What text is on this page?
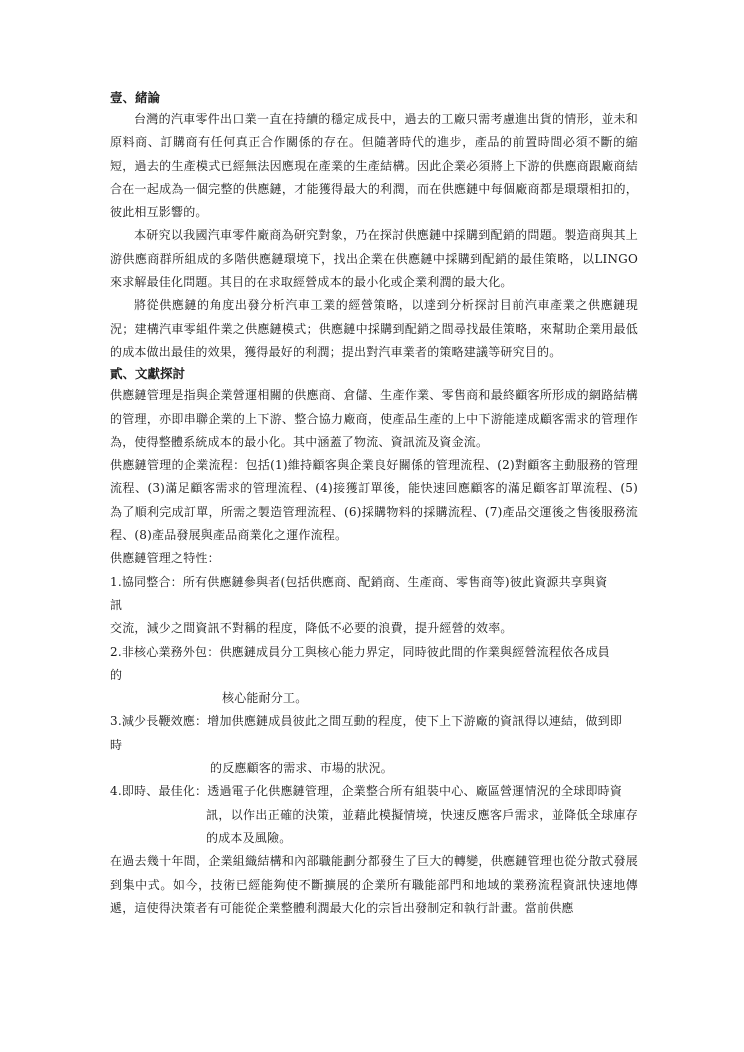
壹、緒論

台灣的汽車零件出口業一直在持續的穩定成長中，過去的工廠只需考慮進出貨的情形，並未和原料商、訂購商有任何真正合作關係的存在。但隨著時代的進步，產品的前置時間必須不斷的縮短，過去的生產模式已經無法因應現在產業的生產結構。因此企業必須將上下游的供應商跟廠商結合在一起成為一個完整的供應鏈，才能獲得最大的利潤，而在供應鏈中每個廠商都是環環相扣的，彼此相互影響的。

本研究以我國汽車零件廠商為研究對象，乃在探討供應鏈中採購到配銷的問題。製造商與其上游供應商群所組成的多階供應鏈環境下，找出企業在供應鏈中採購到配銷的最佳策略，以LINGO來求解最佳化問題。其目的在求取經營成本的最小化或企業利潤的最大化。

將從供應鏈的角度出發分析汽車工業的經營策略，以達到分析探討目前汽車產業之供應鏈現況；建構汽車零組件業之供應鏈模式；供應鏈中採購到配銷之間尋找最佳策略，來幫助企業用最低的成本做出最佳的效果，獲得最好的利潤；提出對汽車業者的策略建議等研究目的。

貳、文獻探討

供應鏈管理是指與企業營運相關的供應商、倉儲、生產作業、零售商和最終顧客所形成的網路結構的管理，亦即串聯企業的上下游、整合協力廠商，使產品生產的上中下游能達成顧客需求的管理作為，使得整體系統成本的最小化。其中涵蓋了物流、資訊流及資金流。

供應鏈管理的企業流程：包括(1)維持顧客與企業良好關係的管理流程、(2)對顧客主動服務的管理流程、(3)滿足顧客需求的管理流程、(4)接獲訂單後，能快速回應顧客的滿足顧客訂單流程、(5)為了順利完成訂單，所需之製造管理流程、(6)採購物料的採購流程、(7)產品交運後之售後服務流程、(8)產品發展與產品商業化之運作流程。

供應鏈管理之特性：

1.協同整合：所有供應鏈參與者(包括供應商、配銷商、生產商、零售商等)彼此資源共享與資

訊

交流，減少之間資訊不對稱的程度，降低不必要的浪費，提升經營的效率。

2.非核心業務外包：供應鏈成員分工與核心能力界定，同時彼此間的作業與經營流程依各成員

的

核心能耐分工。

3.減少長鞭效應：增加供應鏈成員彼此之間互動的程度，使下上下游廠的資訊得以連結，做到即

時

的反應顧客的需求、市場的狀況。

4.即時、最佳化：透過電子化供應鏈管理，企業整合所有組裝中心、廠區營運情況的全球即時資

訊，以作出正確的決策，並藉此模擬情境，快速反應客戶需求，並降低全球庫存的成本及風險。

在過去幾十年間，企業組織結構和內部職能劃分都發生了巨大的轉變，供應鏈管理也從分散式發展到集中式。如今，技術已經能夠使不斷擴展的企業所有職能部門和地域的業務流程資訊快速地傳遞，這使得決策者有可能從企業整體利潤最大化的宗旨出發制定和執行計畫。當前供應
